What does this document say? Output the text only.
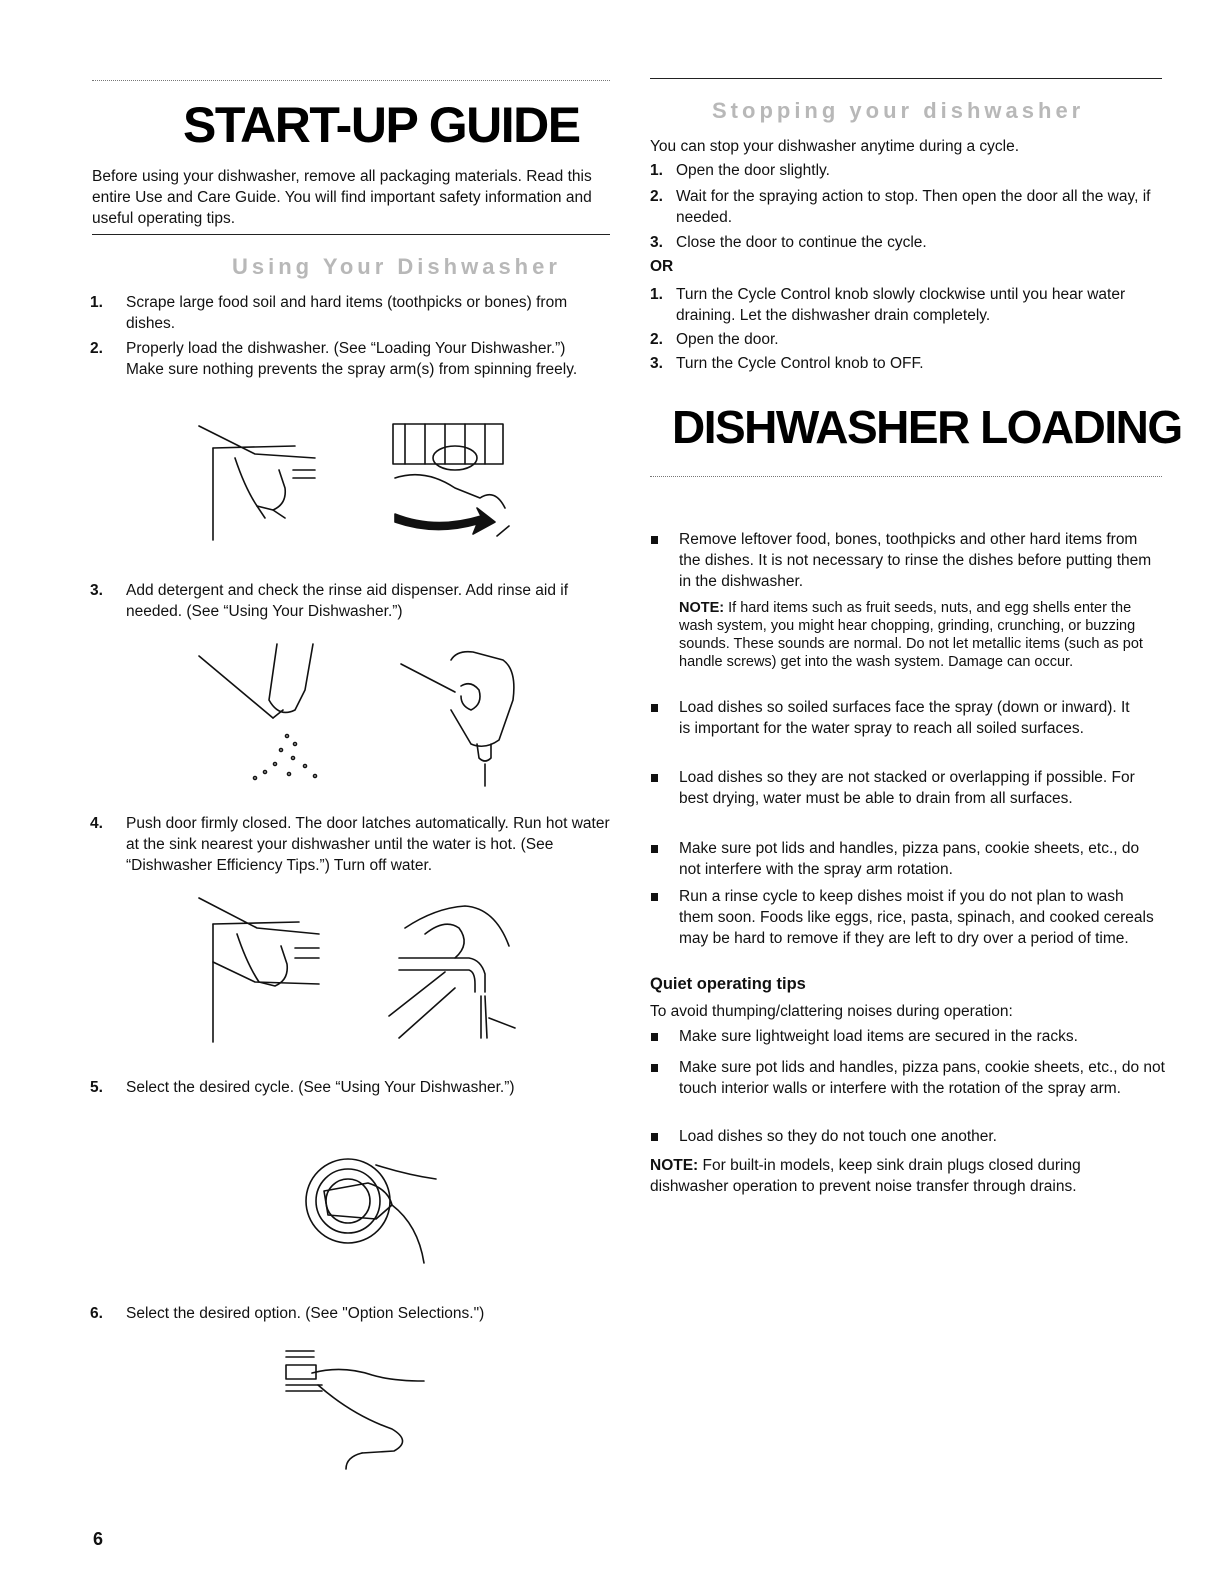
START-UP GUIDE
Before using your dishwasher, remove all packaging materials. Read this entire Use and Care Guide. You will find important safety information and useful operating tips.
Using Your Dishwasher
1. Scrape large food soil and hard items (toothpicks or bones) from dishes.
2. Properly load the dishwasher. (See “Loading Your Dishwasher.”) Make sure nothing prevents the spray arm(s) from spinning freely.
3. Add detergent and check the rinse aid dispenser. Add rinse aid if needed. (See “Using Your Dishwasher.”)
4. Push door firmly closed. The door latches automatically. Run hot water at the sink nearest your dishwasher until the water is hot. (See “Dishwasher Efficiency Tips.”) Turn off water.
5. Select the desired cycle. (See “Using Your Dishwasher.”)
6. Select the desired option. (See "Option Selections.")
6
Stopping your dishwasher
You can stop your dishwasher anytime during a cycle.
1. Open the door slightly.
2. Wait for the spraying action to stop. Then open the door all the way, if needed.
3. Close the door to continue the cycle.
OR
1. Turn the Cycle Control knob slowly clockwise until you hear water draining. Let the dishwasher drain completely.
2. Open the door.
3. Turn the Cycle Control knob to OFF.
DISHWASHER LOADING
Remove leftover food, bones, toothpicks and other hard items from the dishes. It is not necessary to rinse the dishes before putting them in the dishwasher.
NOTE: If hard items such as fruit seeds, nuts, and egg shells enter the wash system, you might hear chopping, grinding, crunching, or buzzing sounds. These sounds are normal. Do not let metallic items (such as pot handle screws) get into the wash system. Damage can occur.
Load dishes so soiled surfaces face the spray (down or inward). It is important for the water spray to reach all soiled surfaces.
Load dishes so they are not stacked or overlapping if possible. For best drying, water must be able to drain from all surfaces.
Make sure pot lids and handles, pizza pans, cookie sheets, etc., do not interfere with the spray arm rotation.
Run a rinse cycle to keep dishes moist if you do not plan to wash them soon. Foods like eggs, rice, pasta, spinach, and cooked cereals may be hard to remove if they are left to dry over a period of time.
Quiet operating tips
To avoid thumping/clattering noises during operation:
Make sure lightweight load items are secured in the racks.
Make sure pot lids and handles, pizza pans, cookie sheets, etc., do not touch interior walls or interfere with the rotation of the spray arm.
Load dishes so they do not touch one another.
NOTE: For built-in models, keep sink drain plugs closed during dishwasher operation to prevent noise transfer through drains.
